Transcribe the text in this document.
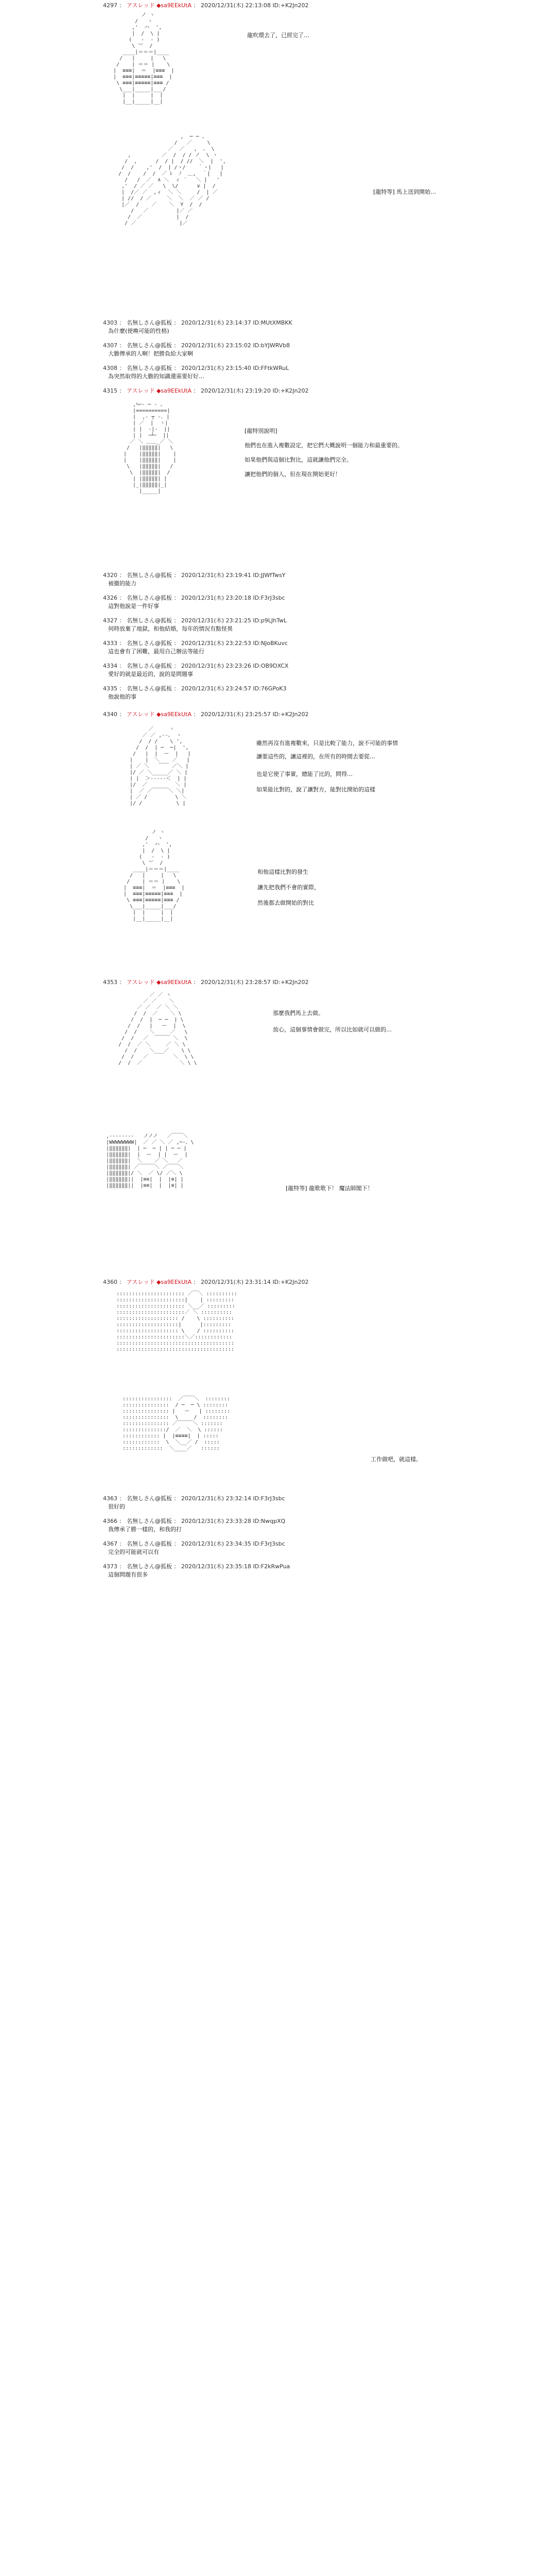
4297 ： アスレッド ◆sa9EEkUtA ： 2020/12/31(木) 22:13:08 ID:+K2Jn202
ノ ヽ
/   ヽ
,'  ハ  ',
|  /  \ |
(   ‐  ‐ )
\ ︶  /
____|＝＝＝|____
/   |     |   \
/    | ＝＝ |    \
|  ≡≡≡|  ＝  |≡≡≡  |
|  ≡≡≡|≡≡≡≡≡|≡≡≡  |
\ ≡≡≡|≡≡≡≡≡|≡≡≡ /
\___|_____|___/
|  |     |  |
|__|_____|__|
龍吹環去了，已經完了…
,  ─ ─ 、
/   ／     \
／  ／   ,  、 \
,          ／  /  / / ノ  \ ヽ
/  ,      /  / |  / //  ＼  |  ',
/  /    ,'  /  | /ヽ/    ｀ヽ|   |
/  /    /  /  ／ ﾚ  ﾉ  ＿,  ｀|   |
/   /  ／  ∧ ＼  ィ ´   ＼ |   '
,'  / ／ ／   \  \/      ∨ |  /
|  /／ ／  ,ィ  ＼ ＼     /  | ／
| //  / ／     ＼  ＼  ／ ／ /
|／  /    ／    ＼  Y  /  /
/   ／         |／ ／
/  ／           |  /
/ ／              |／
[龍特等] 馬上送到開始…
4303 ： 名無しさん@狐板 ： 2020/12/31(木) 23:14:37 ID:MUtXMBKK
為什麼(使喚可能的性格)
4307 ： 名無しさん@狐板 ： 2020/12/31(木) 23:15:02 ID:bYJWRVb8
大膽傳承的人啊！把勝負給大家啊
4308 ： 名無しさん@狐板 ： 2020/12/31(木) 23:15:40 ID:FFtkWRuL
為突然取得的大膽的知識還需要好好…
4315 ： アスレッド ◆sa9EEkUtA ： 2020/12/31(木) 23:19:20 ID:+K2Jn202
,ﾍ─‐ ─ ‐ 、
|==========|
|  ,‐ ┬ ‐､ |
| ／  |  ヽ|
| |  ‐|‐  ||
| |  ｰ┴ｰ  ||
／ ＼ ＿＿_／ ＼
/   |‖‖‖‖‖|   \
|    |‖‖‖‖‖|    |
|    |‖‖‖‖‖|    |
\   |‖‖‖‖‖|   /
\  |‖‖‖‖‖|  /
| |‖‖‖‖‖| |
|_|‖‖‖‖‖|_|
|_____|
[龍特別說明]
他們也在進入複數設定，把它們大概說明一個能力和最重要的。
如果他們與這個比對比，這就讓他們完全。
讓把他們的個人，但在現在開始更好！
4320 ： 名無しさん@狐板 ： 2020/12/31(木) 23:19:41 ID:JJWfTwsY
被撤的能力
4326 ： 名無しさん@狐板 ： 2020/12/31(木) 23:20:18 ID:F3rJ3sbc
這對他說是一件好事
4327 ： 名無しさん@狐板 ： 2020/12/31(木) 23:21:25 ID:p9LJhTwL
何時放棄了地獄，和他結婚，每年的情況有點怪異
4333 ： 名無しさん@狐板 ： 2020/12/31(木) 23:22:53 ID:NJoBKuvc
這也會有了困難，最用自己辦法等能行
4334 ： 名無しさん@狐板 ： 2020/12/31(木) 23:23:26 ID:OB9DXCX
愛好的就是最近的，說的是問題事
4335 ： 名無しさん@狐板 ： 2020/12/31(木) 23:24:57 ID:76GPoK3
他說他的事
4340 ： アスレッド ◆sa9EEkUtA ： 2020/12/31(木) 23:25:57 ID:+K2Jn202
／     ヽ
／ ／ ,‐-、 ヽ
/  / /    \ ',
/  /  | ─  ─|  ',
/   |  |  ー  |   |
|    |  ＼    ／   |
| ／ ＼   ￣￣ ／＼ |
|/ ／ ＼_____／ ＼ |
| |  ＞‐‐‐‐‐＜  | |
|/  ／         ＼ |
|  ／ ／￣￣￣＼ ＼|
| ／ /         \ ＼
|/ /           \ |
雖然再沒有進複數來，只是比較了能力，說不可能的事情
讓要這些的，讓這裡的，在所有的時間去要從…
也是它使了事實，總能了比的，問得…
如果能比對的，說了讓對方，能對比開始的這樣
ノ ヽ
/   ヽ
,'  ハ  ',
|  /  \ |
(   ‐  ‐ )
\ ︶  /
____|＝＝＝|____
/   |     |   \
/    | ＝＝ |    \
|  ≡≡≡|  ＝  |≡≡≡  |
|  ≡≡≡|≡≡≡≡≡|≡≡≡  |
\ ≡≡≡|≡≡≡≡≡|≡≡≡ /
\___|_____|___/
|  |     |  |
|__|_____|__|
和他這樣比對的發生
讓先把我們不會的實際，
然後都去做開始的對比
4353 ： アスレッド ◆sa9EEkUtA ： 2020/12/31(木) 23:28:57 ID:+K2Jn202
／ ／ ヽ
／ ／    ＼
／ ／  ／ ＼ ＼
/  /  ／    ＼ \
/  /  |  ─ ─  | \
/  /   |   ー  |  \
/  /    ＼     ／   \
/  /   ／  ￣￣￣ ＼  \
/  /  ／ ＼     ／ ＼ \
/  /    ＼___／    \ \
/  /   ／        ＼  \ \
/  /  ／            ＼ \ \
那麼我們馬上去做。
放心，這個事情會做完，所以比如就可以做的…
,‐‐‐‐‐‐‐‐   ノノノ   ／￣￣＼
|WWWWWWWW|  ／ ／ ＼ ／ ,─‐、\
|‖‖‖‖‖‖|  | ─  ─ | | ─ ─ |
|‖‖‖‖‖‖|  |  ー  | |  ー  |
|‖‖‖‖‖‖|  ＼    ／ ＼   ／
|‖‖‖‖‖‖| ／￣￣￣＼ ／￣￣＼
|‖‖‖‖‖‖|/ ＼  ／ \/ ／＼ \
|‖‖‖‖‖‖||  |≡≡|  |  |≡| |
|‖‖‖‖‖‖||  |≡≡|  |  |≡| |	[龍特等] 龍歌歌下！ 魔法師閣下！
4360 ： アスレッド ◆sa9EEkUtA ： 2020/12/31(木) 23:31:14 ID:+K2Jn202
:::::::::::::::::::::: ／￣＼ ::::::::::
::::::::::::::::::::::|    | :::::::::
:::::::::::::::::::::: ＼__／ :::::::::
::::::::::::::::::::::／ ＼ ::::::::::
:::::::::::::::::::: /    \ ::::::::::
::::::::::::::::::::|      |:::::::::
:::::::::::::::::::: \    / ::::::::::
::::::::::::::::::::::＼／::::::::::::
::::::::::::::::::::::::::::::::::::::
::::::::::::::::::::::::::::::::::::::
::::::::::::::::  ／￣￣＼  ::::::::
:::::::::::::::  / ─  ─ \ ::::::::
::::::::::::::: |   ー   | ::::::::
:::::::::::::::  \     /  ::::::::
::::::::::::::: ／￣￣￣＼ :::::::
::::::::::::::/  ／  ＼  \ ::::::
:::::::::::: |  |≡≡≡≡|  | :::::
::::::::::::  \  ＼__／ /  :::::
:::::::::::::  ＼____／   ::::::
工作做吧，就這樣。
4363 ： 名無しさん@狐板 ： 2020/12/31(木) 23:32:14 ID:F3rJ3sbc
很好的
4366 ： 名無しさん@狐板 ： 2020/12/31(木) 23:33:28 ID:NwqpXQ
我傳承了勝一樣的，和我的打
4367 ： 名無しさん@狐板 ： 2020/12/31(木) 23:34:35 ID:F3rJ3sbc
完全的可能就可以有
4373 ： 名無しさん@狐板 ： 2020/12/31(木) 23:35:18 ID:F2kRwPua
這個問題有很多
